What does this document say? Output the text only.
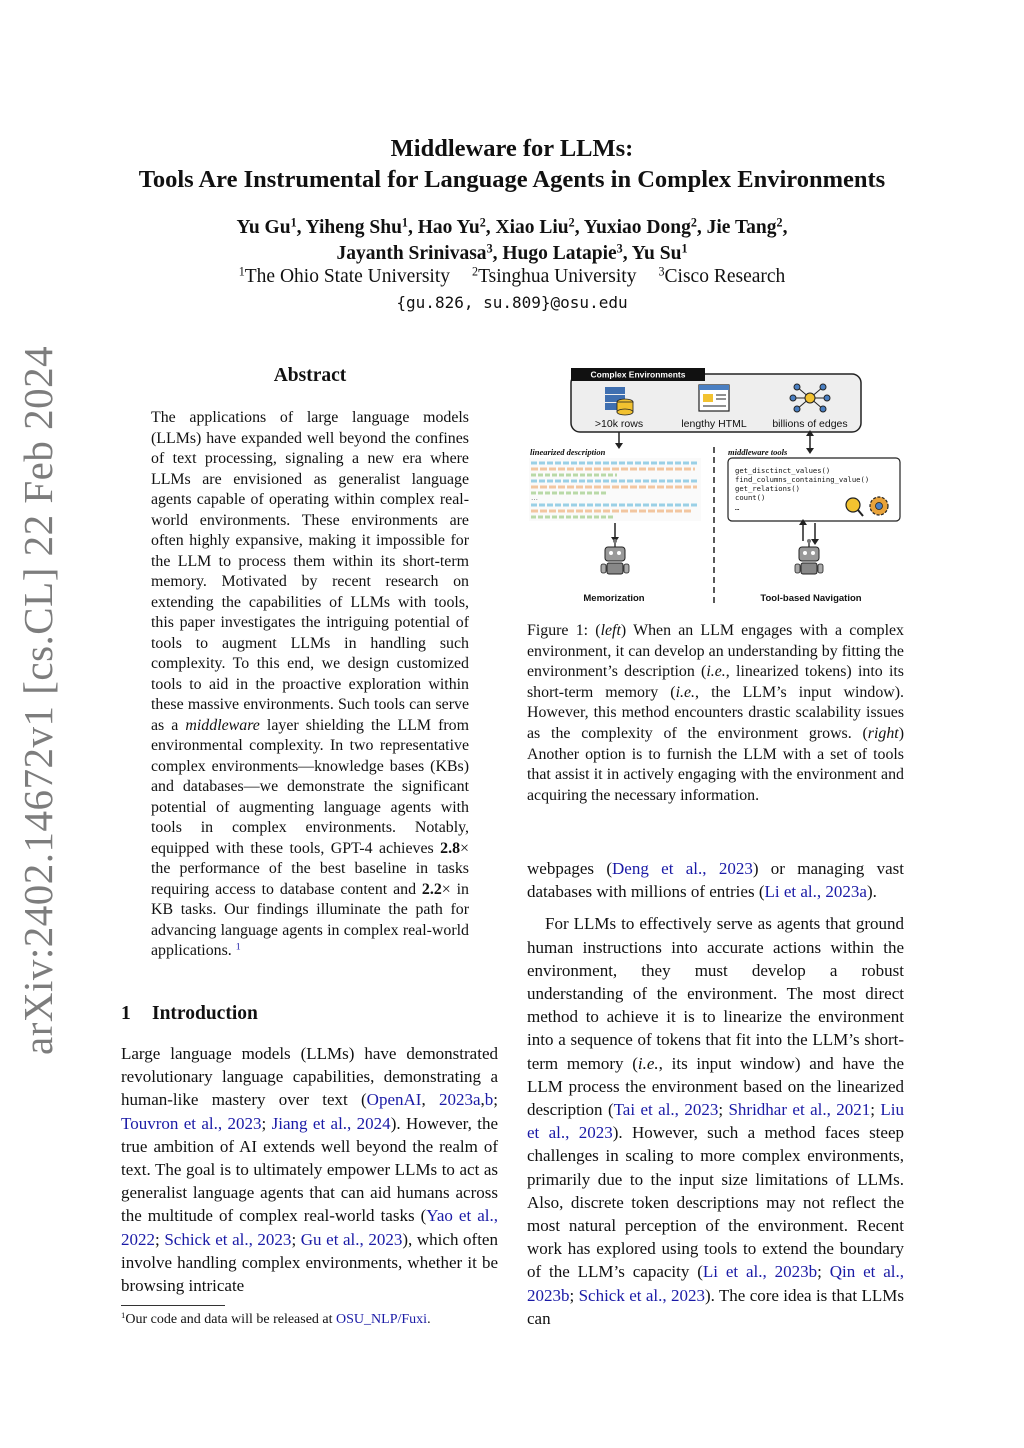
arXiv:2402.14672v1 [cs.CL] 22 Feb 2024
Middleware for LLMs:
Tools Are Instrumental for Language Agents in Complex Environments
Yu Gu$^1$, Yiheng Shu$^1$, Hao Yu$^2$, Xiao Liu$^2$, Yuxiao Dong$^2$, Jie Tang$^2$,
Jayanth Srinivasa$^3$, Hugo Latapie$^3$, Yu Su$^1$
$^1$The Ohio State University $^2$Tsinghua University $^3$Cisco Research
{gu.826, su.809}@osu.edu
Abstract
The applications of large language models (LLMs) have expanded well beyond the confines of text processing, signaling a new era where LLMs are envisioned as generalist language agents capable of operating within complex real-world environments. These environments are often highly expansive, making it impossible for the LLM to process them within its short-term memory. Motivated by recent research on extending the capabilities of LLMs with tools, this paper investigates the intriguing potential of tools to augment LLMs in handling such complexity. To this end, we design customized tools to aid in the proactive exploration within these massive environments. Such tools can serve as a middleware layer shielding the LLM from environmental complexity. In two representative complex environments—knowledge bases (KBs) and databases—we demonstrate the significant potential of augmenting language agents with tools in complex environments. Notably, equipped with these tools, GPT-4 achieves 2.8× the performance of the best baseline in tasks requiring access to database content and 2.2× in KB tasks. Our findings illuminate the path for advancing language agents in complex real-world applications. $^1$
1 Introduction
Large language models (LLMs) have demonstrated revolutionary language capabilities, demonstrating a human-like mastery over text (OpenAI, 2023a,b; Touvron et al., 2023; Jiang et al., 2024). However, the true ambition of AI extends well beyond the realm of text. The goal is to ultimately empower LLMs to act as generalist language agents that can aid humans across the multitude of complex real-world tasks (Yao et al., 2022; Schick et al., 2023; Gu et al., 2023), which often involve handling complex environments, whether it be browsing intricate
$^1$Our code and data will be released at OSU_NLP/Fuxi.
Complex Environments
>10k rows	lengthy HTML billions of edges
linearized description
…
middleware tools
get_disctinct_values()
find_columns_containing_value()
get_relations()
count()
…
Memorization	Tool-based Navigation
Figure 1: (left) When an LLM engages with a complex environment, it can develop an understanding by fitting the environment’s description (i.e., linearized tokens) into its short-term memory (i.e., the LLM’s input window). However, this method encounters drastic scalability issues as the complexity of the environment grows. (right) Another option is to furnish the LLM with a set of tools that assist it in actively engaging with the environment and acquiring the necessary information.

webpages (Deng et al., 2023) or managing vast databases with millions of entries (Li et al., 2023a).

For LLMs to effectively serve as agents that ground human instructions into accurate actions within the environment, they must develop a robust understanding of the environment. The most direct method to achieve it is to linearize the environment into a sequence of tokens that fit into the LLM’s short-term memory (i.e., its input window) and have the LLM process the environment based on the linearized description (Tai et al., 2023; Shridhar et al., 2021; Liu et al., 2023). However, such a method faces steep challenges in scaling to more complex environments, primarily due to the input size limitations of LLMs. Also, discrete token descriptions may not reflect the most natural perception of the environment. Recent work has explored using tools to extend the boundary of the LLM’s capacity (Li et al., 2023b; Qin et al., 2023b; Schick et al., 2023). The core idea is that LLMs can
